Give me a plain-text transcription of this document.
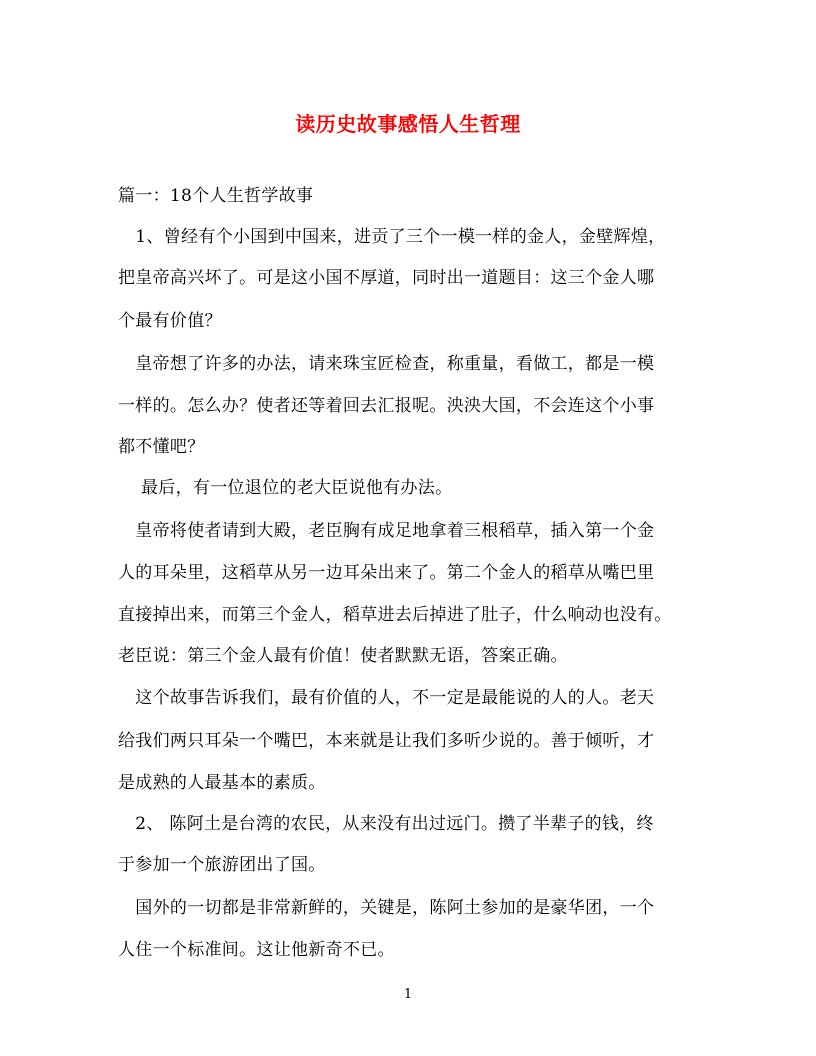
读历史故事感悟人生哲理
篇一：18个人生哲学故事
　1、曾经有个小国到中国来，进贡了三个一模一样的金人，金壁辉煌，
把皇帝高兴坏了。可是这小国不厚道，同时出一道题目：这三个金人哪
个最有价值？
　皇帝想了许多的办法，请来珠宝匠检查，称重量，看做工，都是一模
一样的。怎么办？使者还等着回去汇报呢。泱泱大国，不会连这个小事
都不懂吧？
　 最后，有一位退位的老大臣说他有办法。
　皇帝将使者请到大殿，老臣胸有成足地拿着三根稻草，插入第一个金
人的耳朵里，这稻草从另一边耳朵出来了。第二个金人的稻草从嘴巴里
直接掉出来，而第三个金人，稻草进去后掉进了肚子，什么响动也没有。
老臣说：第三个金人最有价值！使者默默无语，答案正确。
　这个故事告诉我们，最有价值的人，不一定是最能说的人的人。老天
给我们两只耳朵一个嘴巴，本来就是让我们多听少说的。善于倾听，才
是成熟的人最基本的素质。
　2、 陈阿土是台湾的农民，从来没有出过远门。攒了半辈子的钱，终
于参加一个旅游团出了国。
　国外的一切都是非常新鲜的，关键是，陈阿土参加的是豪华团，一个
人住一个标准间。这让他新奇不已。
1
